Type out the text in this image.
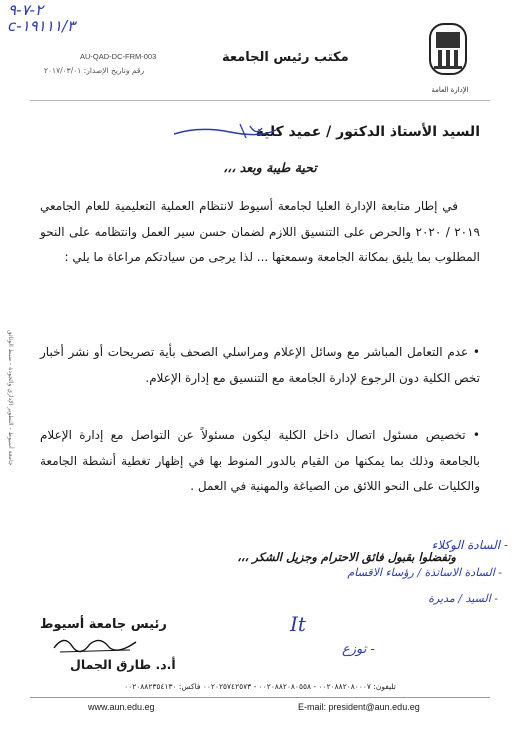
٢-٧-٩
c-١٩١١١/٣
AU-QAD-DC-FRM-003
رقم وتاريخ الإصدار: ٢٠١٧/٠٣/٠١
مكتب رئيس الجامعة
الإدارة العامة
السيد الأستاذ الدكتور / عميد كلية
تحية طيبة وبعد ،،،
في إطار متابعة الإدارة العليا لجامعة أسيوط لانتظام العملية التعليمية للعام الجامعي ٢٠١٩ / ٢٠٢٠ والحرص على التنسيق اللازم لضمان حسن سير العمل وانتظامه على النحو المطلوب بما يليق بمكانة الجامعة وسمعتها ... لذا يرجى من سيادتكم مراعاة ما يلي :
• عدم التعامل المباشر مع وسائل الإعلام ومراسلي الصحف بأية تصريحات أو نشر أخبار تخص الكلية دون الرجوع لإدارة الجامعة مع التنسيق مع إدارة الإعلام.
• تخصيص مسئول اتصال داخل الكلية ليكون مسئولاً عن التواصل مع إدارة الإعلام بالجامعة وذلك بما يمكنها من القيام بالدور المنوط بها في إظهار تغطية أنشطة الجامعة والكليات على النحو اللائق من الصياغة والمهنية في العمل .
وتفضلوا بقبول فائق الاحترام وجزيل الشكر ،،،
جامعة أسيوط - التطوير الإداري والجودة - ضبط الوثائق
- السادة الوكلاء
- السادة الاساتذة / رؤساء الاقسام
- السيد / مديرة
It
- توزع
رئيس جامعة أسيوط
أ.د. طارق الجمال
تليفون: ٠٠٢٠٨٨٢٠٨٠٠٠٧ - ٠٠٢٠٨٨٢٠٨٠٥٥٨ - ٠٠٢٠٢٥٧٤٢٥٧٣ فاكس: ٠٠٢٠٨٨٢٣٥٤١٣٠
www.aun.edu.eg	E-mail: president@aun.edu.eg
